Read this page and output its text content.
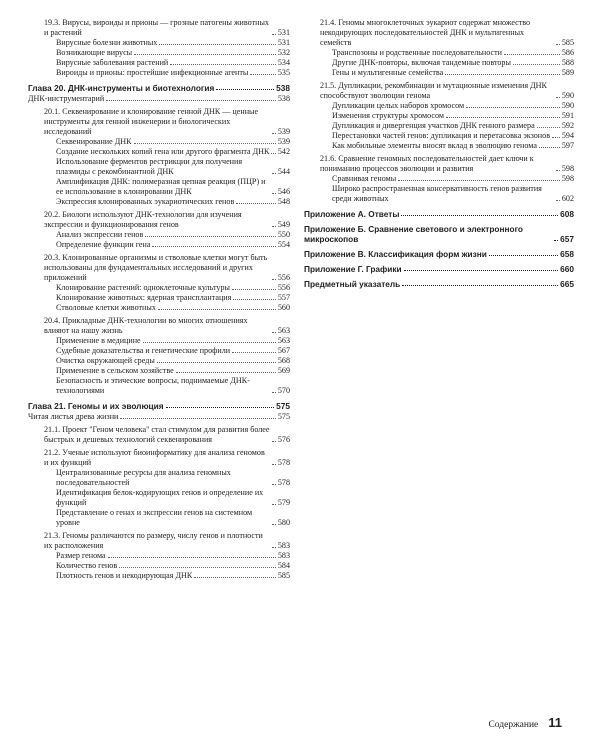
19.3. Вирусы, вироиды и прионы — грозные патогены животных и растений	531
Вирусные болезни животных	531
Возникающие вирусы	532
Вирусные заболевания растений	534
Вироиды и прионы: простейшие инфекционные агенты	535
Глава 20. ДНК-инструменты и биотехнология	538
ДНК-инструментарий	538
20.1. Секвенирование и клонирование генной ДНК — ценные инструменты для генной инженерии и биологических исследований	539
Секвенирование ДНК	539
Создание нескольких копий гена или другого фрагмента ДНК 542
Использование ферментов рестрикции для получения плазмиды с рекомбинантной ДНК	544
Амплификация ДНК: полимеразная цепная реакция (ПЦР) и ее использование в клонировании ДНК	546
Экспрессия клонированных эукариотических генов	548
20.2. Биологи используют ДНК-технологии для изучения экспрессии и функционирования генов	549
Анализ экспрессии генов	550
Определение функции гена	554
20.3. Клонированные организмы и стволовые клетки могут быть использованы для фундаментальных исследований и других приложений	556
Клонирование растений: одноклеточные культуры	556
Клонирование животных: ядерная трансплантация	557
Стволовые клетки животных	560
20.4. Прикладные ДНК-технологии во многих отношениях влияют на нашу жизнь	563
Применение в медицине	563
Судебные доказательства и генетические профили	567
Очистка окружающей среды	568
Применение в сельском хозяйстве	569
Безопасность и этические вопросы, поднимаемые ДНК-технологиями	570
Глава 21. Геномы и их эволюция	575
Читая листья древа жизни	575
21.1. Проект "Геном человека" стал стимулом для развития более быстрых и дешевых технологий секвенирования	576
21.2. Ученые используют биоинформатику для анализа геномов и их функций	578
Централизованные ресурсы для анализа геномных последовательностей	578
Идентификация белок-кодирующих генов и определение их функций	579
Представление о генах и экспрессии генов на системном уровне	580
21.3. Геномы различаются по размеру, числу генов и плотности их расположения	583
Размер генома	583
Количество генов	584
Плотность генов и некодирующая ДНК	585
21.4. Геномы многоклеточных эукариот содержат множество некодирующих последовательностей ДНК и мультигенных семейств	585
Транспозоны и родственные последовательности	586
Другие ДНК-повторы, включая тандемные повторы	588
Гены и мультигенные семейства	589
21.5. Дупликации, рекомбинации и мутационные изменения ДНК способствуют эволюции генома	590
Дупликации целых наборов хромосом	590
Изменения структуры хромосом	591
Дупликация и дивергенция участков ДНК генного размера	592
Перестановки частей генов: дупликация и перетасовка экзонов 594
Как мобильные элементы вносят вклад в эволюцию генома	597
21.6. Сравнение геномных последовательностей дает ключи к пониманию процессов эволюции и развития	598
Сравнивая геномы	598
Широко распространенная консервативность генов развития среди животных	602
Приложение А. Ответы	608
Приложение Б. Сравнение светового и электронного микроскопов	657
Приложение В. Классификация форм жизни	658
Приложение Г. Графики	660
Предметный указатель	665
Содержание 11
